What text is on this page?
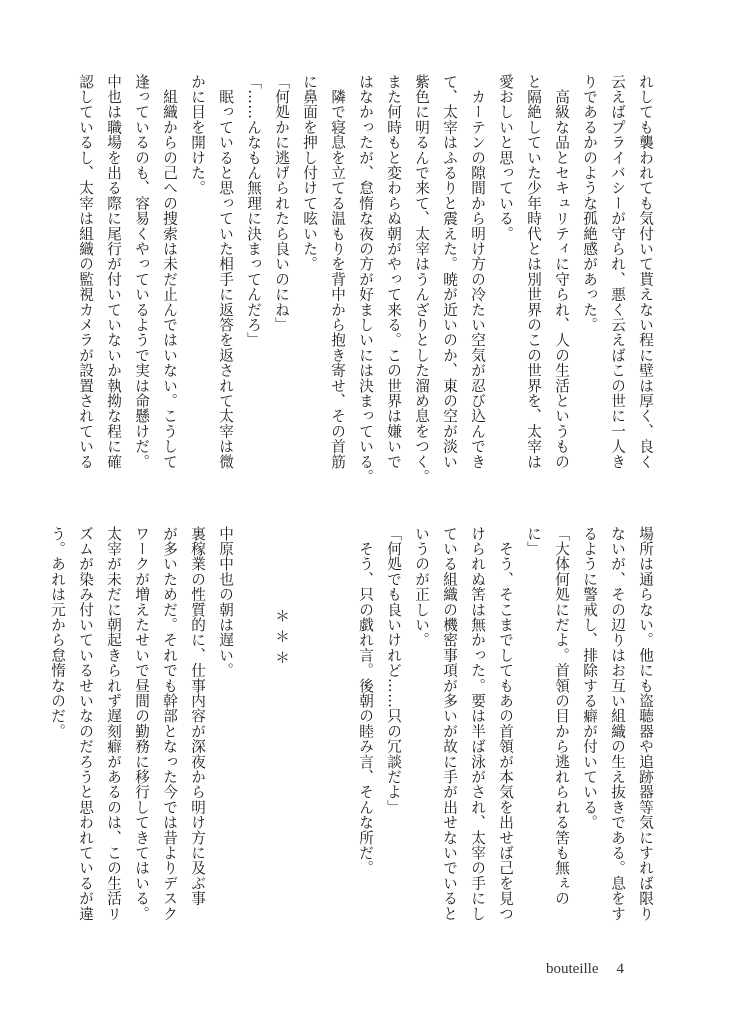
れしても襲われても気付いて貰えない程に壁は厚く、良く
云えばプライバシーが守られ、悪く云えばこの世に一人き
りであるかのような孤絶感があった。
　高級な品とセキュリティに守られ、人の生活というもの
と隔絶していた少年時代とは別世界のこの世界を、太宰は
愛おしいと思っている。
　カーテンの隙間から明け方の冷たい空気が忍び込んでき
て、太宰はふるりと震えた。暁が近いのか、東の空が淡い
紫色に明るんで来て、太宰はうんざりとした溜め息をつく。
また何時もと変わらぬ朝がやって来る。この世界は嫌いで
はなかったが、怠惰な夜の方が好ましいには決まっている。
　隣で寝息を立てる温もりを背中から抱き寄せ、その首筋
に鼻面を押し付けて呟いた。
「何処かに逃げられたら良いのにね」
「……んなもん無理に決まってんだろ」
　眠っていると思っていた相手に返答を返されて太宰は微
かに目を開けた。
　組織からの己への捜索は未だ止んではいない。こうして
逢っているのも、容易くやっているようで実は命懸けだ。
中也は職場を出る際に尾行が付いていないか執拗な程に確
認しているし、太宰は組織の監視カメラが設置されている
場所は通らない。他にも盗聴器や追跡器等気にすれば限り
ないが、その辺りはお互い組織の生え抜きである。息をす
るように警戒し、排除する癖が付いている。
「大体何処にだよ。首領の目から逃れられる筈も無ぇの
に」
　そう、そこまでしてもあの首領が本気を出せば己を見つ
けられぬ筈は無かった。要は半ば泳がされ、太宰の手にし
ている組織の機密事項が多いが故に手が出せないでいると
いうのが正しい。
「何処でも良いけれど……只の冗談だよ」
　そう、只の戯れ言。後朝の睦み言、そんな所だ。

　　　　＊＊＊

中原中也の朝は遅い。
裏稼業の性質的に、仕事内容が深夜から明け方に及ぶ事
が多いためだ。それでも幹部となった今では昔よりデスク
ワークが増えたせいで昼間の勤務に移行してきてはいる。
太宰が未だに朝起きられず遅刻癖があるのは、この生活リ
ズムが染み付いているせいなのだろうと思われているが違
う。あれは元から怠惰なのだ。
bouteille 4
